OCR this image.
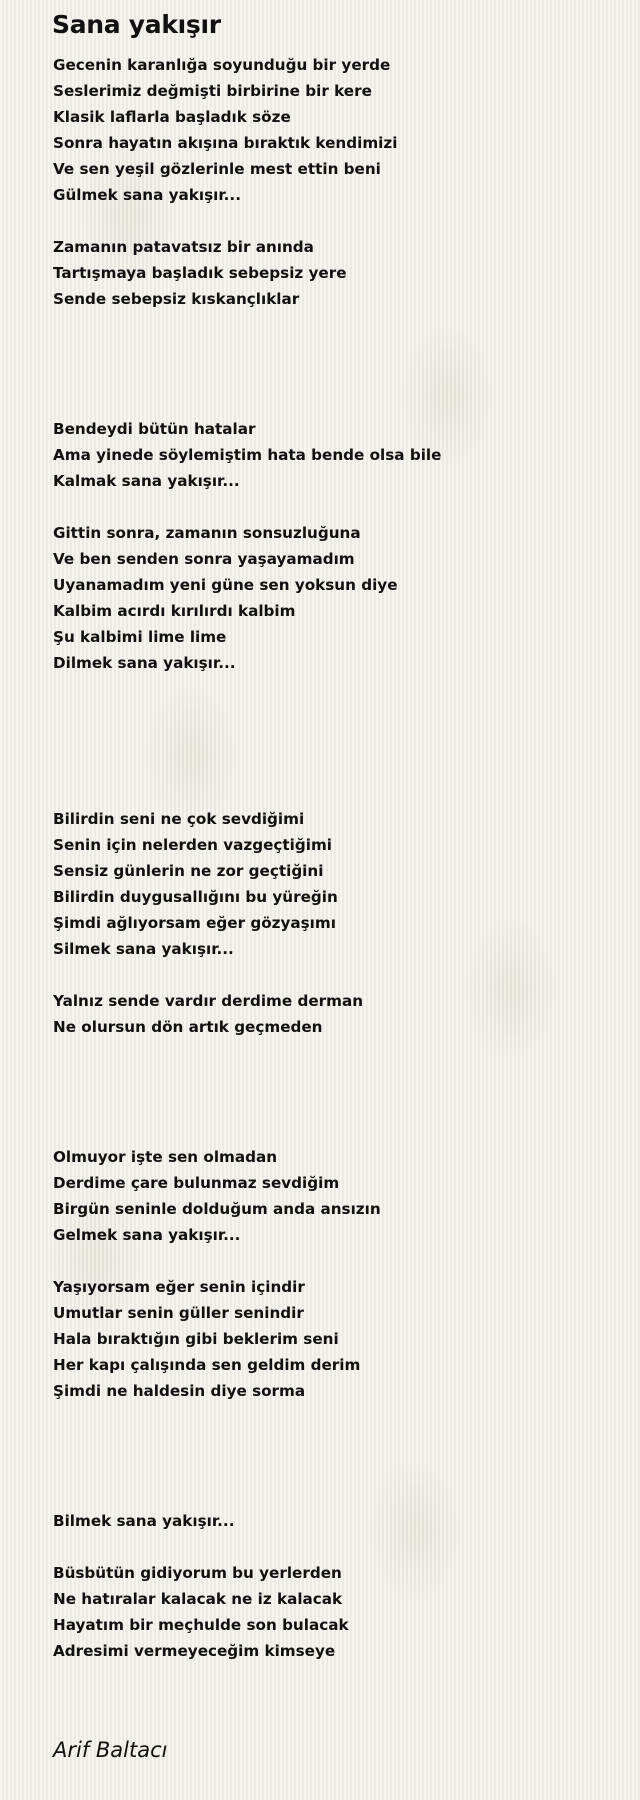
Sana yakışır
Gecenin karanlığa soyunduğu bir yerde
Seslerimiz değmişti birbirine bir kere
Klasik laflarla başladık söze
Sonra hayatın akışına bıraktık kendimizi
Ve sen yeşil gözlerinle mest ettin beni
Gülmek sana yakışır...
Zamanın patavatsız bir anında
Tartışmaya başladık sebepsiz yere
Sende sebepsiz kıskançlıklar
Bendeydi bütün hatalar
Ama yinede söylemiştim hata bende olsa bile
Kalmak sana yakışır...
Gittin sonra, zamanın sonsuzluğuna
Ve ben senden sonra yaşayamadım
Uyanamadım yeni güne sen yoksun diye
Kalbim acırdı kırılırdı kalbim
Şu kalbimi lime lime
Dilmek sana yakışır...
Bilirdin seni ne çok sevdiğimi
Senin için nelerden vazgeçtiğimi
Sensiz günlerin ne zor geçtiğini
Bilirdin duygusallığını bu yüreğin
Şimdi ağlıyorsam eğer gözyaşımı
Silmek sana yakışır...
Yalnız sende vardır derdime derman
Ne olursun dön artık geçmeden
Olmuyor işte sen olmadan
Derdime çare bulunmaz sevdiğim
Birgün seninle dolduğum anda ansızın
Gelmek sana yakışır...
Yaşıyorsam eğer senin içindir
Umutlar senin güller senindir
Hala bıraktığın gibi beklerim seni
Her kapı çalışında sen geldim derim
Şimdi ne haldesin diye sorma
Bilmek sana yakışır...
Büsbütün gidiyorum bu yerlerden
Ne hatıralar kalacak ne iz kalacak
Hayatım bir meçhulde son bulacak
Adresimi vermeyeceğim kimseye

Arif Baltacı
